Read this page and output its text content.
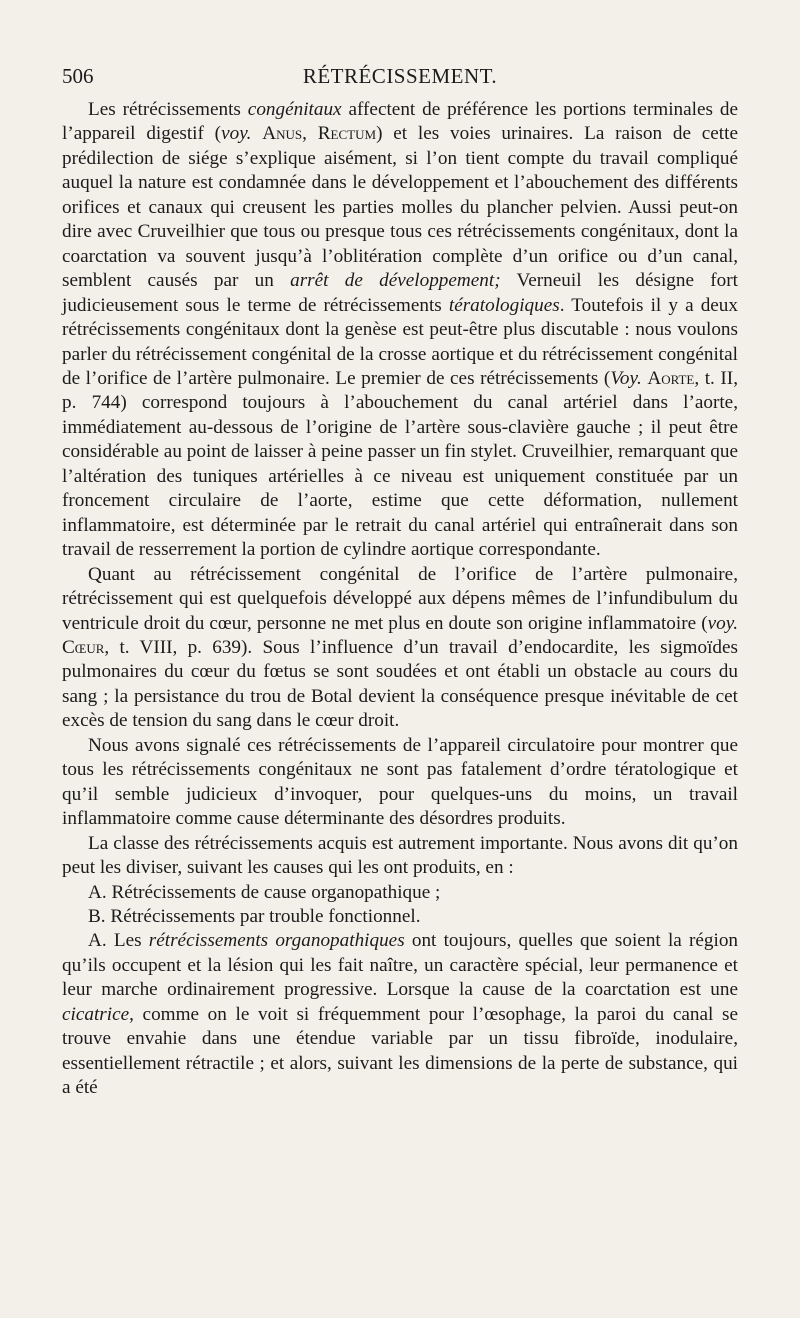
506	RÉTRÉCISSEMENT.

Les rétrécissements congénitaux affectent de préférence les portions terminales de l’appareil digestif (voy. Anus, Rectum) et les voies urinaires. La raison de cette prédilection de siége s’explique aisément, si l’on tient compte du travail compliqué auquel la nature est condamnée dans le développement et l’abouchement des différents orifices et canaux qui creusent les parties molles du plancher pelvien. Aussi peut-on dire avec Cruveilhier que tous ou presque tous ces rétrécissements congénitaux, dont la coarctation va souvent jusqu’à l’oblitération complète d’un orifice ou d’un canal, semblent causés par un arrêt de développement; Verneuil les désigne fort judicieusement sous le terme de rétrécissements tératologiques. Toutefois il y a deux rétrécissements congénitaux dont la genèse est peut-être plus discutable : nous voulons parler du rétrécissement congénital de la crosse aortique et du rétrécissement congénital de l’orifice de l’artère pulmonaire. Le premier de ces rétrécissements (Voy. Aorte, t. II, p. 744) correspond toujours à l’abouchement du canal artériel dans l’aorte, immédiatement au-dessous de l’origine de l’artère sous-clavière gauche ; il peut être considérable au point de laisser à peine passer un fin stylet. Cruveilhier, remarquant que l’altération des tuniques artérielles à ce niveau est uniquement constituée par un froncement circulaire de l’aorte, estime que cette déformation, nullement inflammatoire, est déterminée par le retrait du canal artériel qui entraînerait dans son travail de resserrement la portion de cylindre aortique correspondante.

Quant au rétrécissement congénital de l’orifice de l’artère pulmonaire, rétrécissement qui est quelquefois développé aux dépens mêmes de l’infundibulum du ventricule droit du cœur, personne ne met plus en doute son origine inflammatoire (voy. Cœur, t. VIII, p. 639). Sous l’influence d’un travail d’endocardite, les sigmoïdes pulmonaires du cœur du fœtus se sont soudées et ont établi un obstacle au cours du sang ; la persistance du trou de Botal devient la conséquence presque inévitable de cet excès de tension du sang dans le cœur droit.

Nous avons signalé ces rétrécissements de l’appareil circulatoire pour montrer que tous les rétrécissements congénitaux ne sont pas fatalement d’ordre tératologique et qu’il semble judicieux d’invoquer, pour quelques-uns du moins, un travail inflammatoire comme cause déterminante des désordres produits.

La classe des rétrécissements acquis est autrement importante. Nous avons dit qu’on peut les diviser, suivant les causes qui les ont produits, en :

A. Rétrécissements de cause organopathique ;

B. Rétrécissements par trouble fonctionnel.

A. Les rétrécissements organopathiques ont toujours, quelles que soient la région qu’ils occupent et la lésion qui les fait naître, un caractère spécial, leur permanence et leur marche ordinairement progressive. Lorsque la cause de la coarctation est une cicatrice, comme on le voit si fréquemment pour l’œsophage, la paroi du canal se trouve envahie dans une étendue variable par un tissu fibroïde, inodulaire, essentiellement rétractile ; et alors, suivant les dimensions de la perte de substance, qui a été
